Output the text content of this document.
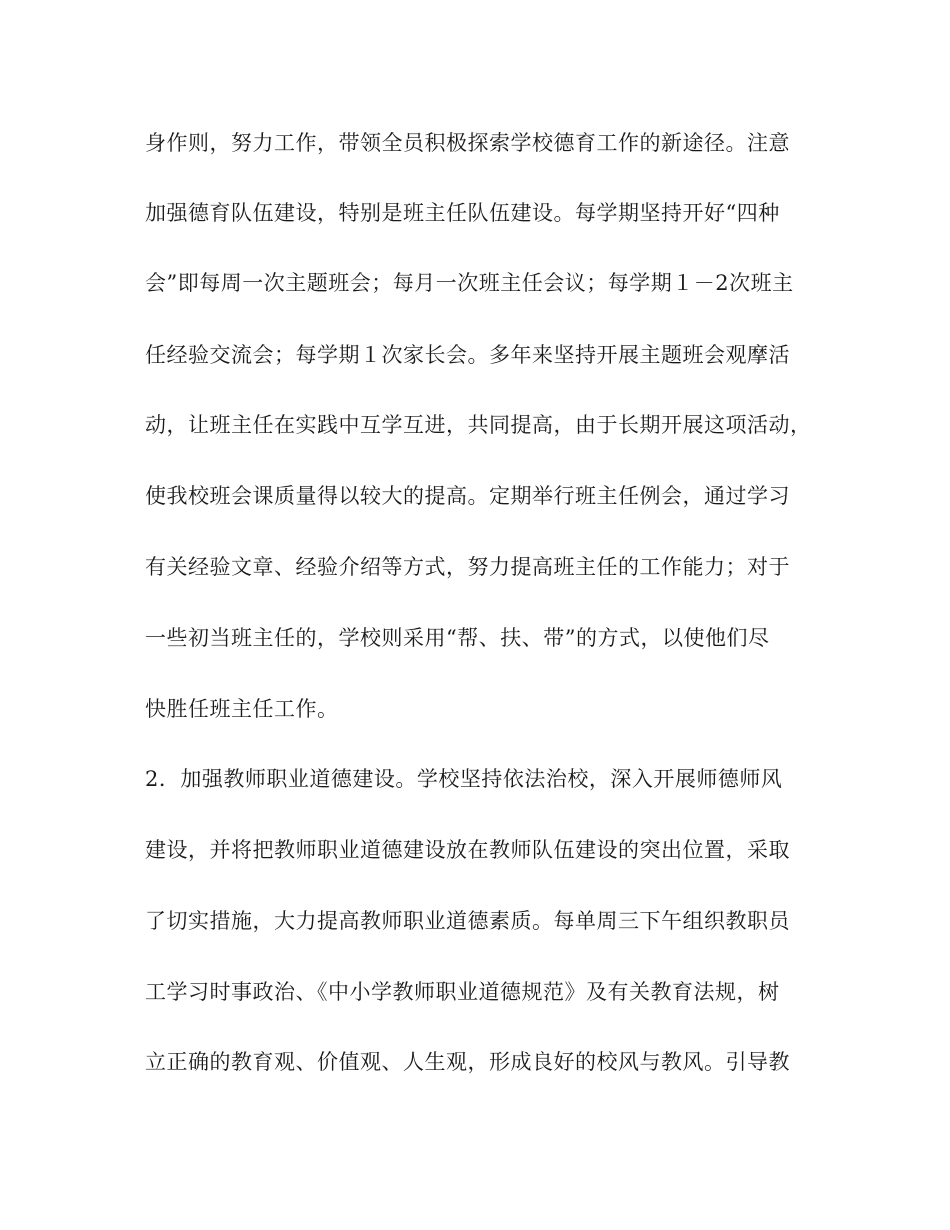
身作则，努力工作，带领全员积极探索学校德育工作的新途径。注意
加强德育队伍建设，特别是班主任队伍建设。每学期坚持开好“四种
会”即每周一次主题班会；每月一次班主任会议；每学期１－2次班主
任经验交流会；每学期１次家长会。多年来坚持开展主题班会观摩活
动，让班主任在实践中互学互进，共同提高，由于长期开展这项活动，
使我校班会课质量得以较大的提高。定期举行班主任例会，通过学习
有关经验文章、经验介绍等方式，努力提高班主任的工作能力；对于
一些初当班主任的，学校则采用“帮、扶、带”的方式，以使他们尽
快胜任班主任工作。
2．加强教师职业道德建设。学校坚持依法治校，深入开展师德师风
建设，并将把教师职业道德建设放在教师队伍建设的突出位置，采取
了切实措施，大力提高教师职业道德素质。每单周三下午组织教职员
工学习时事政治、《中小学教师职业道德规范》及有关教育法规，树
立正确的教育观、价值观、人生观，形成良好的校风与教风。引导教
